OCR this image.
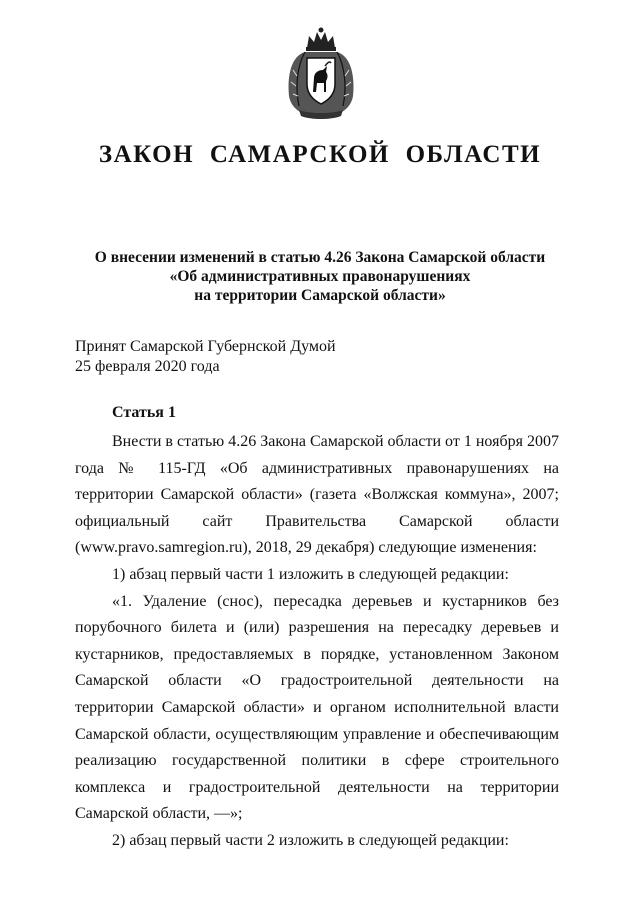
ЗАКОН САМАРСКОЙ ОБЛАСТИ
О внесении изменений в статью 4.26 Закона Самарской области
«Об административных правонарушениях
на территории Самарской области»
Принят Самарской Губернской Думой
25 февраля 2020 года
Статья 1

Внести в статью 4.26 Закона Самарской области от 1 ноября 2007 года № 115-ГД «Об административных правонарушениях на территории Самарской области» (газета «Волжская коммуна», 2007; официальный сайт Правительства Самарской области (www.pravo.samregion.ru), 2018, 29 декабря) следующие изменения:

1) абзац первый части 1 изложить в следующей редакции:

«1. Удаление (снос), пересадка деревьев и кустарников без порубочного билета и (или) разрешения на пересадку деревьев и кустарников, предоставляемых в порядке, установленном Законом Самарской области «О градостроительной деятельности на территории Самарской области» и органом исполнительной власти Самарской области, осуществляющим управление и обеспечивающим реализацию государственной политики в сфере строительного комплекса и градостроительной деятельности на территории Самарской области, —»;

2) абзац первый части 2 изложить в следующей редакции:
